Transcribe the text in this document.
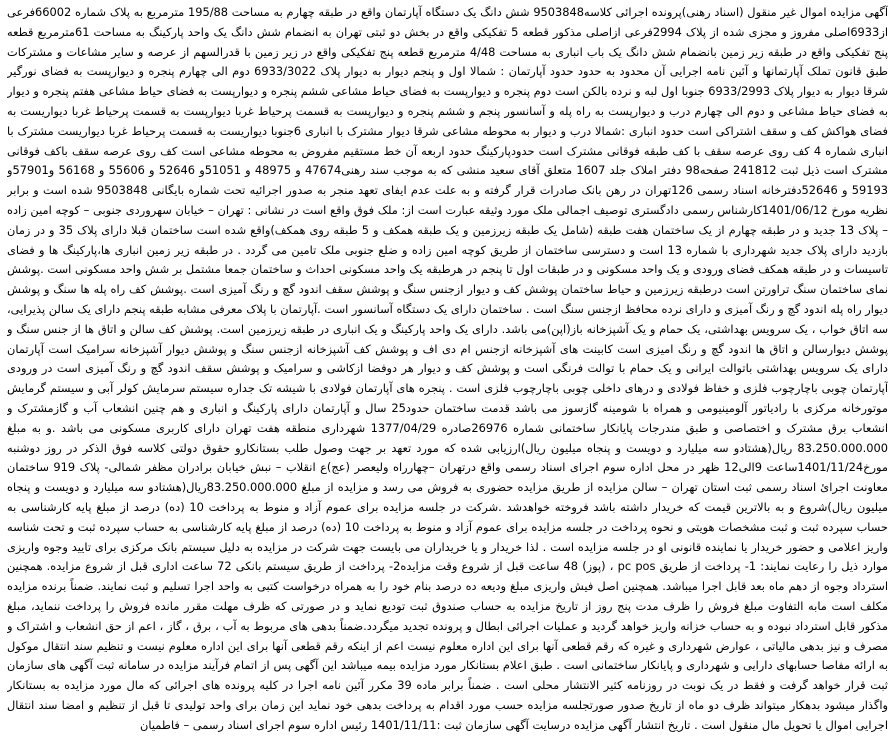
آگهی مزایده اموال غیر منقول (اسناد رهنی)پرونده اجرائی کلاسه9503848 شش دانگ یک دستگاه آپارتمان واقع در طبقه چهارم به مساحت 195/88 مترمربع به پلاک شماره 66002فرعی از6933اصلی مفروز و مجزی شده از پلاک 2994فرعی ازاصلی مذکور قطعه 5 تفکیکی واقع در بخش دو ثبتی تهران به انضمام شش دانگ یک واحد پارکینگ به مساحت 61مترمربع قطعه پنج تفکیکی واقع در طبقه زیر زمین بانضمام شش دانگ یک باب انباری به مساحت 4/48 مترمربع قطعه پنج تفکیکی واقع در زیر زمین با قدرالسهم از عرصه و سایر مشاعات و مشترکات طبق قانون تملک آپارتمانها و آئین نامه اجرایی آن محدود به حدود حدود آپارتمان : شمالا اول و پنجم دیوار به دیوار پلاک 6933/3022 دوم الی چهارم پنجره و دیوارپست به فضای نورگیر شرقا دیوار به دیوار پلاک 6933/2993 جنوبا اول لبه و نرده بالکن است دوم پنجره و دیوارپست به فضای حیاط مشاعی ششم پنجره و دیوارپست به فضای حیاط مشاعی هفتم پنجره و دیوار به فضای حیاط مشاعی و دوم الی چهارم درب و دیوارپست به راه پله و آسانسور پنجم و ششم پنجره و دیوارپست به قسمت پرحیاط غربا دیوارپست به قسمت پرحیاط غربا دیواریست به فضای هواکش کف و سقف اشتراکی است حدود انباری :شمالا درب و دیوار به محوطه مشاعی شرقا دیوار مشترک با انباری 6جنوبا دیواریست به قسمت پرحیاط غربا دیواریست مشترک با انباری شماره 4 کف روی عرصه سقف با کف طبقه فوقانی مشترک است حدودپارکینگ حدود اربعه آن خط مستقیم مفروض به محوطه مشاعی است کف روی عرصه سقف باکف فوقانی مشترک است ذیل ثبت 241812 صفحه98 دفتر املاک جلد 1607 متعلق آقای سعید منشی که به موجب سند رهنی47674 و 48975 و 51051و 52646 و 55606 و 56168 و57901و 59193 و 52646دفترخانه اسناد رسمی 126تهران در رهن بانک صادرات قرار گرفته و به علت عدم ایفای تعهد منجر به صدور اجرائیه تحت شماره بایگانی 9503848 شده است و برابر نظریه مورخ 1401/06/12کارشناس رسمی دادگستری توصیف اجمالی ملک مورد وثیقه عبارت است از: ملک فوق واقع است در نشانی : تهران – خیابان سهروردی جنوبی – کوچه امین زاده – پلاک 13 جدید و در طبقه چهارم از یک ساختمان هفت طبقه (شامل یک طبقه زیرزمین و یک طبقه همکف و 5 طبقه روی همکف)واقع شده است ساختمان قبلا دارای پلاک 35 و در زمان بازدید دارای پلاک جدید شهرداری با شماره 13 است و دسترسی ساختمان از طریق کوچه امین زاده و ضلع جنوبی ملک تامین می گردد . در طبقه زیر زمین انباری ها،پارکینگ ها و فضای تاسیسات و در طبقه همکف فضای ورودی و یک واحد مسکونی و در طبقات اول تا پنجم در هرطبقه یک واحد مسکونی احداث و ساختمان جمعا مشتمل بر شش واحد مسکونی است .پوشش نمای ساختمان سنگ تراورتن است درطبقه زیرزمین و حیاط ساختمان پوشش کف و دیوار ازجنس سنگ و پوشش سقف اندود گچ و رنگ آمیزی است .پوشش کف راه پله ها سنگ و پوشش دیوار راه پله اندود گچ و رنگ آمیزی و دارای نرده محافظ ازجنس سنگ است . ساختمان دارای یک دستگاه آسانسور است .آپارتمان با پلاک معرفی مشابه طبقه پنجم دارای یک سالن پذیرایی، سه اتاق خواب ، یک سرویس بهداشتی، یک حمام و یک آشپزخانه باز(اپن)می باشد. دارای یک واحد پارکینگ و یک انباری در طبقه زیرزمین است. پوشش کف سالن و اتاق ها از جنس سنگ و پوشش دیوارسالن و اتاق ها اندود گچ و رنگ امیزی است کابینت های آشپزخانه ازجنس ام دی اف و پوشش کف آشپزخانه ازجنس سنگ و پوشش دیوار آشپزخانه سرامیک است آپارتمان دارای یک سرویس بهداشتی باتوالت ایرانی و یک حمام با توالت فرنگی است و پوشش کف و دیوار هر دوفضا ازکاشی و سرامیک و پوشش سقف اندود گچ و رنگ آمیزی است در ورودی آپارتمان چوبی باچارچوب فلزی و خفاظ فولادی و درهای داخلی چوبی باچارچوب فلزی است . پنجره های آپارتمان فولادی با شیشه تک جداره سیستم سرمایش کولر آبی و سیستم گرمایش موتورخانه مرکزی با رادیاتور آلومینیومی و همراه با شومینه گازسوز می باشد قدمت ساختمان حدود25 سال و آپارتمان دارای پارکینگ و انباری و هم چنین انشعاب آب و گازمشترک و انشعاب برق مشترک و اختصاصی و طبق مندرجات پایانکار ساختمانی شماره 26976صادره 1377/04/29 شهرداری منطقه هفت تهران دارای کاربری مسکونی می باشد .و به مبلغ 83.250.000.000 ریال(هشتادو سه میلیارد و دویست و پنجاه میلیون ریال)ارزیابی شده که مورد تعهد بر جهت وصول طلب بستانکارو حقوق دولتی کلاسه فوق الذکر در روز دوشنبه مورخ1401/11/24ساعت 9الی12 ظهر در محل اداره سوم اجرای اسناد رسمی واقع درتهران –چهارراه ولیعصر (عج)ع انقلاب – نبش خیابان برادران مظفر شمالی- پلاک 919 ساختمان معاونت اجرائ اسناد رسمی ثبت استان تهران – سالن مزایده از طریق مزایده حضوری به فروش می رسد و مزایده از مبلغ 83.250.000.000ریال(هشتادو سه میلیارد و دویست و پنجاه میلیون ریال)شروع و به بالاترین قیمت که خریدار داشته باشد فروخته خواهدشد .شرکت در جلسه مزایده برای عموم آزاد و منوط به پرداخت 10 (ده) درصد از مبلغ پایه کارشناسی به حساب سپرده ثبت و ثبت مشخصات هویتی و نحوه پرداخت در جلسه مزایده برای عموم آزاد و منوط به پرداخت 10 (ده) درصد از مبلغ پایه کارشناسی به حساب سپرده ثبت و تحت شناسه واریز اعلامی و حضور خریدار یا نماینده قانونی او در جلسه مزایده است . لذا خریدار و یا خریداران می بایست جهت شرکت در مزایده به دلیل سیستم بانک مرکزی برای تایید وجوه واریزی موارد ذیل را رعایت نمایند: 1- پرداخت از طریق pc pos ، (پوز) 48 ساعت قبل از شروع وقت مزایده2- پرداخت از طریق سیستم بانکی 72 ساعت اداری قبل از شروع مزایده. همچنین استرداد وجوه از دهم ماه بعد قابل اجرا میباشد. همچنین اصل فیش واریزی مبلغ ودیعه ده درصد بنام خود را به همراه درخواست کتبی به واحد اجرا تسلیم و ثبت نمایند. ضمناً برنده مزایده مکلف است مابه التفاوت مبلغ فروش را ظرف مدت پنج روز از تاریخ مزایده به حساب صندوق ثبت تودیع نماید و در صورتی که ظرف مهلت مقرر مانده فروش را پرداخت ننماید، مبلغ مذکور قابل استرداد نبوده و به حساب خزانه واریز خواهد گردید و عملیات اجرائی ابطال و پرونده تجدید میگردد.ضمناً بدهی های مربوط به آب ، برق ، گاز ، اعم از حق انشعاب و اشتراک و مصرف و نیز بدهی مالیاتی ، عوارض شهرداری و غیره که رقم قطعی آنها برای این اداره معلوم نیست اعم از اینکه رقم قطعی آنها برای این اداره معلوم نیست و تنظیم سند انتقال موکول به ارائه مفاصا حسابهای دارایی و شهرداری و پایانکار ساختمانی است . طبق اعلام بستانکار مورد مزایده بیمه میباشد این آگهی پس از اتمام فرآیند مزایده در سامانه ثبت آگهی های سازمان ثبت قرار خواهد گرفت و فقط در یک نوبت در روزنامه کثیر الانتشار محلی است . ضمناً برابر ماده 39 مکرر آئین نامه اجرا در کلیه پرونده های اجرائی که مال مورد مزایده به بستانکار واگذار میشود بدهکار میتواند ظرف دو ماه از تاریخ صدور صورتجلسه مزایده حسب مورد اقدام به پرداخت بدهی خود نماید این زمان برای واحد تولیدی تا قبل از تنظیم و امضا سند انتقال اجرایی اموال یا تحویل مال منقول است . تاریخ انتشار آگهی مزایده درسایت آگهی سازمان ثبت :1401/11/11 رئیس اداره سوم اجرای اسناد رسمی – فاطمیان
